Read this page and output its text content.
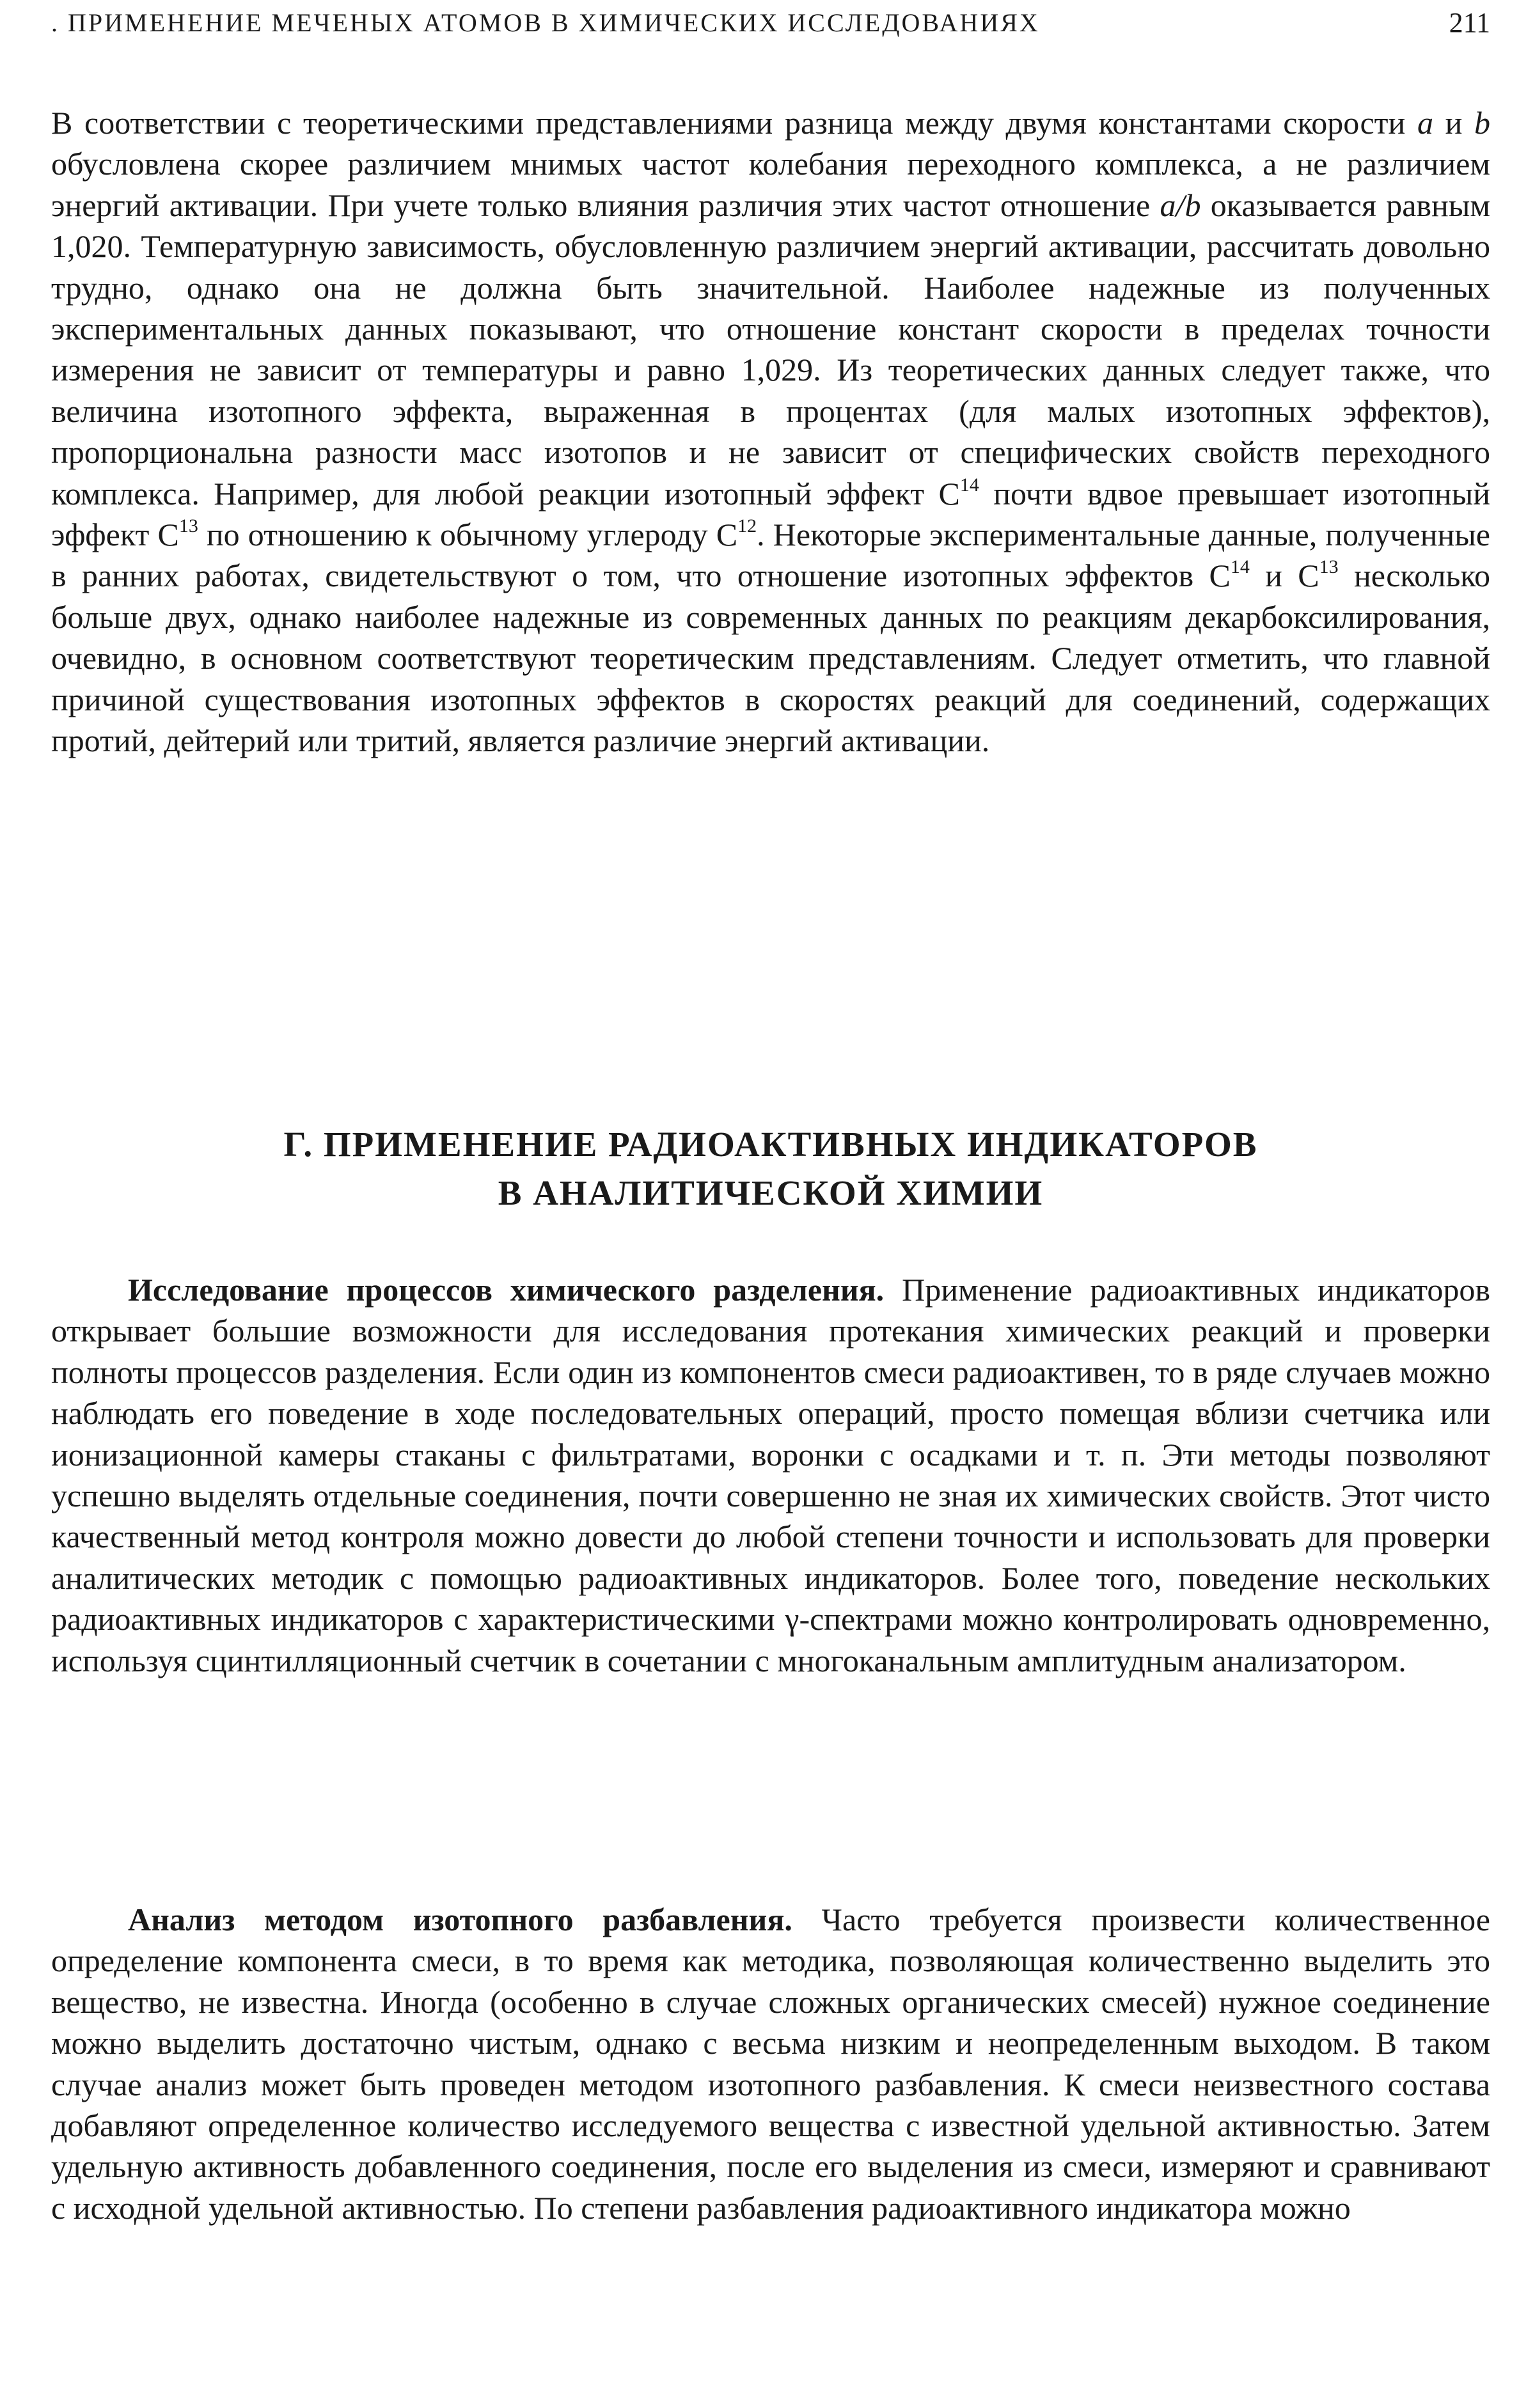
. ПРИМЕНЕНИЕ МЕЧЕНЫХ АТОМОВ В ХИМИЧЕСКИХ ИССЛЕДОВАНИЯХ	211

В соответствии с теоретическими представлениями разница между двумя константами скорости a и b обусловлена скорее различием мнимых частот колебания переходного комплекса, а не различием энергий активации. При учете только влияния различия этих частот отношение a/b оказывается равным 1,020. Температурную зависимость, обусловленную различием энергий активации, рассчитать довольно трудно, однако она не должна быть значительной. Наиболее надежные из полученных экспериментальных данных показывают, что отношение констант скорости в пределах точности измерения не зависит от температуры и равно 1,029. Из теоретических данных следует также, что величина изотопного эффекта, выраженная в процентах (для малых изотопных эффектов), пропорциональна разности масс изотопов и не зависит от специфических свойств переходного комплекса. Например, для любой реакции изотопный эффект $C^{14}$ почти вдвое превышает изотопный эффект $C^{13}$ по отношению к обычному углероду $C^{12}$. Некоторые экспериментальные данные, полученные в ранних работах, свидетельствуют о том, что отношение изотопных эффектов $C^{14}$ и $C^{13}$ несколько больше двух, однако наиболее надежные из современных данных по реакциям декарбоксилирования, очевидно, в основном соответствуют теоретическим представлениям. Следует отметить, что главной причиной существования изотопных эффектов в скоростях реакций для соединений, содержащих протий, дейтерий или тритий, является различие энергий активации.

Г. ПРИМЕНЕНИЕ РАДИОАКТИВНЫХ ИНДИКАТОРОВ
В АНАЛИТИЧЕСКОЙ ХИМИИ

Исследование процессов химического разделения. Применение радиоактивных индикаторов открывает большие возможности для исследования протекания химических реакций и проверки полноты процессов разделения. Если один из компонентов смеси радиоактивен, то в ряде случаев можно наблюдать его поведение в ходе последовательных операций, просто помещая вблизи счетчика или ионизационной камеры стаканы с фильтратами, воронки с осадками и т. п. Эти методы позволяют успешно выделять отдельные соединения, почти совершенно не зная их химических свойств. Этот чисто качественный метод контроля можно довести до любой степени точности и использовать для проверки аналитических методик с помощью радиоактивных индикаторов. Более того, поведение нескольких радиоактивных индикаторов с характеристическими γ-спектрами можно контролировать одновременно, используя сцинтилляционный счетчик в сочетании с многоканальным амплитудным анализатором.

Анализ методом изотопного разбавления. Часто требуется произвести количественное определение компонента смеси, в то время как методика, позволяющая количественно выделить это вещество, не известна. Иногда (особенно в случае сложных органических смесей) нужное соединение можно выделить достаточно чистым, однако с весьма низким и неопределенным выходом. В таком случае анализ может быть проведен методом изотопного разбавления. К смеси неизвестного состава добавляют определенное количество исследуемого вещества с известной удельной активностью. Затем удельную активность добавленного соединения, после его выделения из смеси, измеряют и сравнивают с исходной удельной активностью. По степени разбавления радиоактивного индикатора можно
